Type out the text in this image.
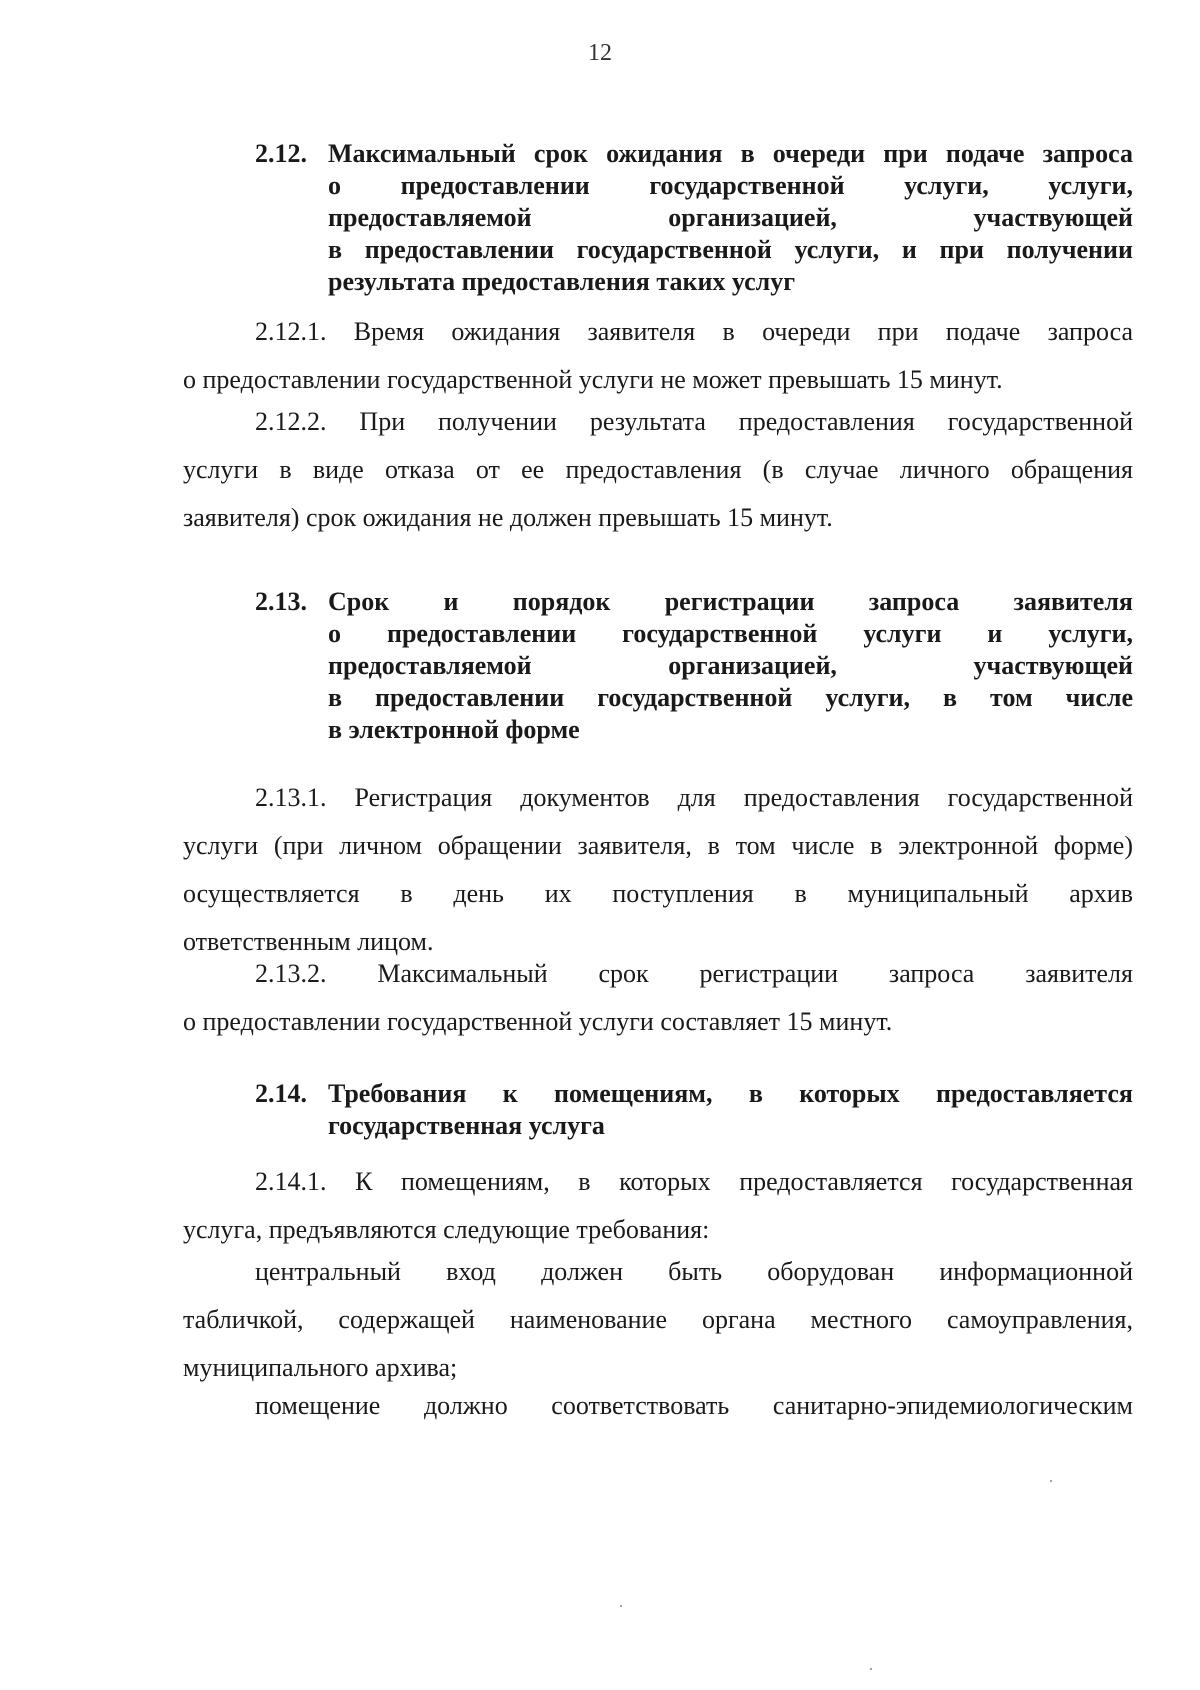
12
2.12. Максимальный срок ожидания в очереди при подаче запроса
о предоставлении государственной услуги, услуги,
предоставляемой организацией, участвующей
в предоставлении государственной услуги, и при получении
результата предоставления таких услуг
2.12.1. Время ожидания заявителя в очереди при подаче запроса
о предоставлении государственной услуги не может превышать 15 минут.
2.12.2. При получении результата предоставления государственной
услуги в виде отказа от ее предоставления (в случае личного обращения
заявителя) срок ожидания не должен превышать 15 минут.
2.13. Срок и порядок регистрации запроса заявителя
о предоставлении государственной услуги и услуги,
предоставляемой организацией, участвующей
в предоставлении государственной услуги, в том числе
в электронной форме
2.13.1. Регистрация документов для предоставления государственной
услуги (при личном обращении заявителя, в том числе в электронной форме)
осуществляется в день их поступления в муниципальный архив
ответственным лицом.
2.13.2. Максимальный срок регистрации запроса заявителя
о предоставлении государственной услуги составляет 15 минут.
2.14. Требования к помещениям, в которых предоставляется
государственная услуга
2.14.1. К помещениям, в которых предоставляется государственная
услуга, предъявляются следующие требования:
центральный вход должен быть оборудован информационной
табличкой, содержащей наименование органа местного самоуправления,
муниципального архива;
помещение должно соответствовать санитарно-эпидемиологическим
